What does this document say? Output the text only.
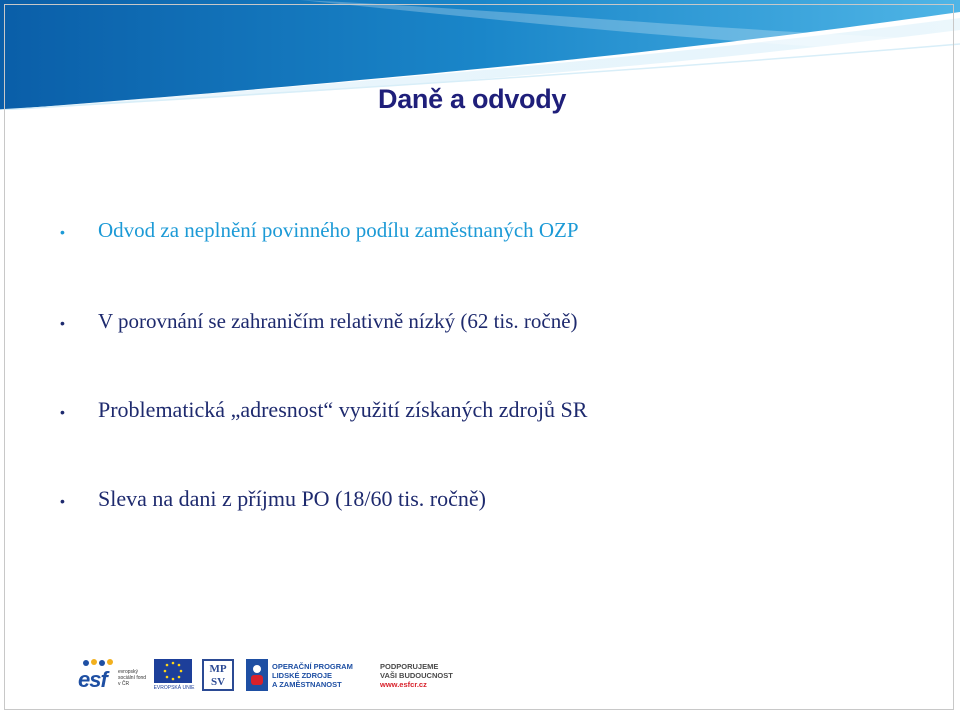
Daně a odvody
•	Odvod za neplnění povinného podílu zaměstnaných OZP
•	V porovnání se zahraničím relativně nízký (62 tis. ročně)
•	Problematická „adresnost“ využití získaných zdrojů SR
•	Sleva na dani z příjmu PO (18/60 tis. ročně)
esf evropský sociální fond v ČR
EVROPSKÁ UNIE
MP
SV
OPERAČNÍ PROGRAM
LIDSKÉ ZDROJE
A ZAMĚSTNANOST
PODPORUJEME
VAŠI BUDOUCNOST
www.esfcr.cz
